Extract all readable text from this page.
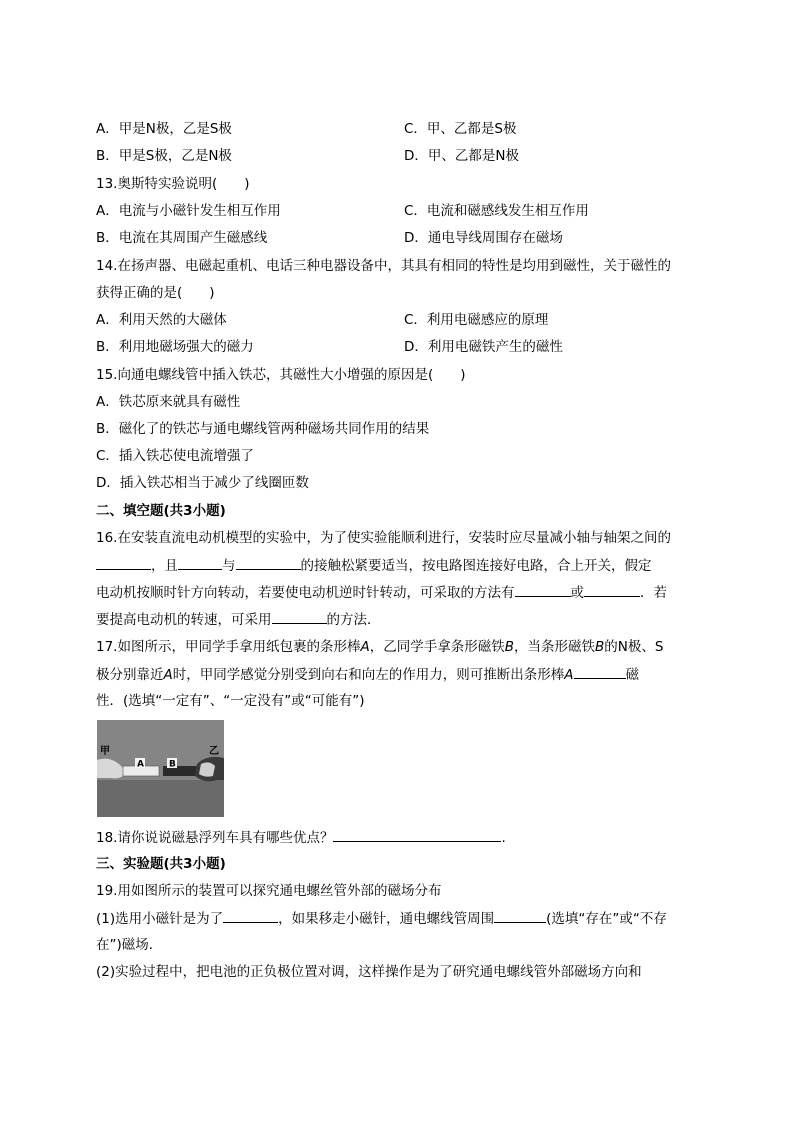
A．甲是N极，乙是S极	C．甲、乙都是S极
B．甲是S极，乙是N极	D．甲、乙都是N极
13.奥斯特实验说明(　　)
A．电流与小磁针发生相互作用	C．电流和磁感线发生相互作用
B．电流在其周围产生磁感线	D．通电导线周围存在磁场
14.在扬声器、电磁起重机、电话三种电器设备中，其具有相同的特性是均用到磁性，关于磁性的
获得正确的是(　　)
A．利用天然的大磁体	C．利用电磁感应的原理
B．利用地磁场强大的磁力	D．利用电磁铁产生的磁性
15.向通电螺线管中插入铁芯，其磁性大小增强的原因是(　　)
A．铁芯原来就具有磁性
B．磁化了的铁芯与通电螺线管两种磁场共同作用的结果
C．插入铁芯使电流增强了
D．插入铁芯相当于减少了线圈匝数
二、填空题(共3小题)
16.在安装直流电动机模型的实验中，为了使实验能顺利进行，安装时应尽量减小轴与轴架之间的
，且	与	的接触松紧要适当，按电路图连接好电路，合上开关，假定
电动机按顺时针方向转动，若要使电动机逆时针转动，可采取的方法有	或	．若
要提高电动机的转速，可采用	的方法．
17.如图所示，甲同学手拿用纸包裹的条形棒A，乙同学手拿条形磁铁B，当条形磁铁B的N极、S
极分别靠近A时，甲同学感觉分别受到向右和向左的作用力，则可推断出条形棒A	磁
性．(选填“一定有”、“一定没有”或“可能有”)
甲	乙
A	B
18.请你说说磁悬浮列车具有哪些优点？	.
三、实验题(共3小题)
19.用如图所示的装置可以探究通电螺丝管外部的磁场分布
(1)选用小磁针是为了	，如果移走小磁针，通电螺线管周围	(选填“存在”或“不存
在”)磁场．
(2)实验过程中，把电池的正负极位置对调，这样操作是为了研究通电螺线管外部磁场方向和
